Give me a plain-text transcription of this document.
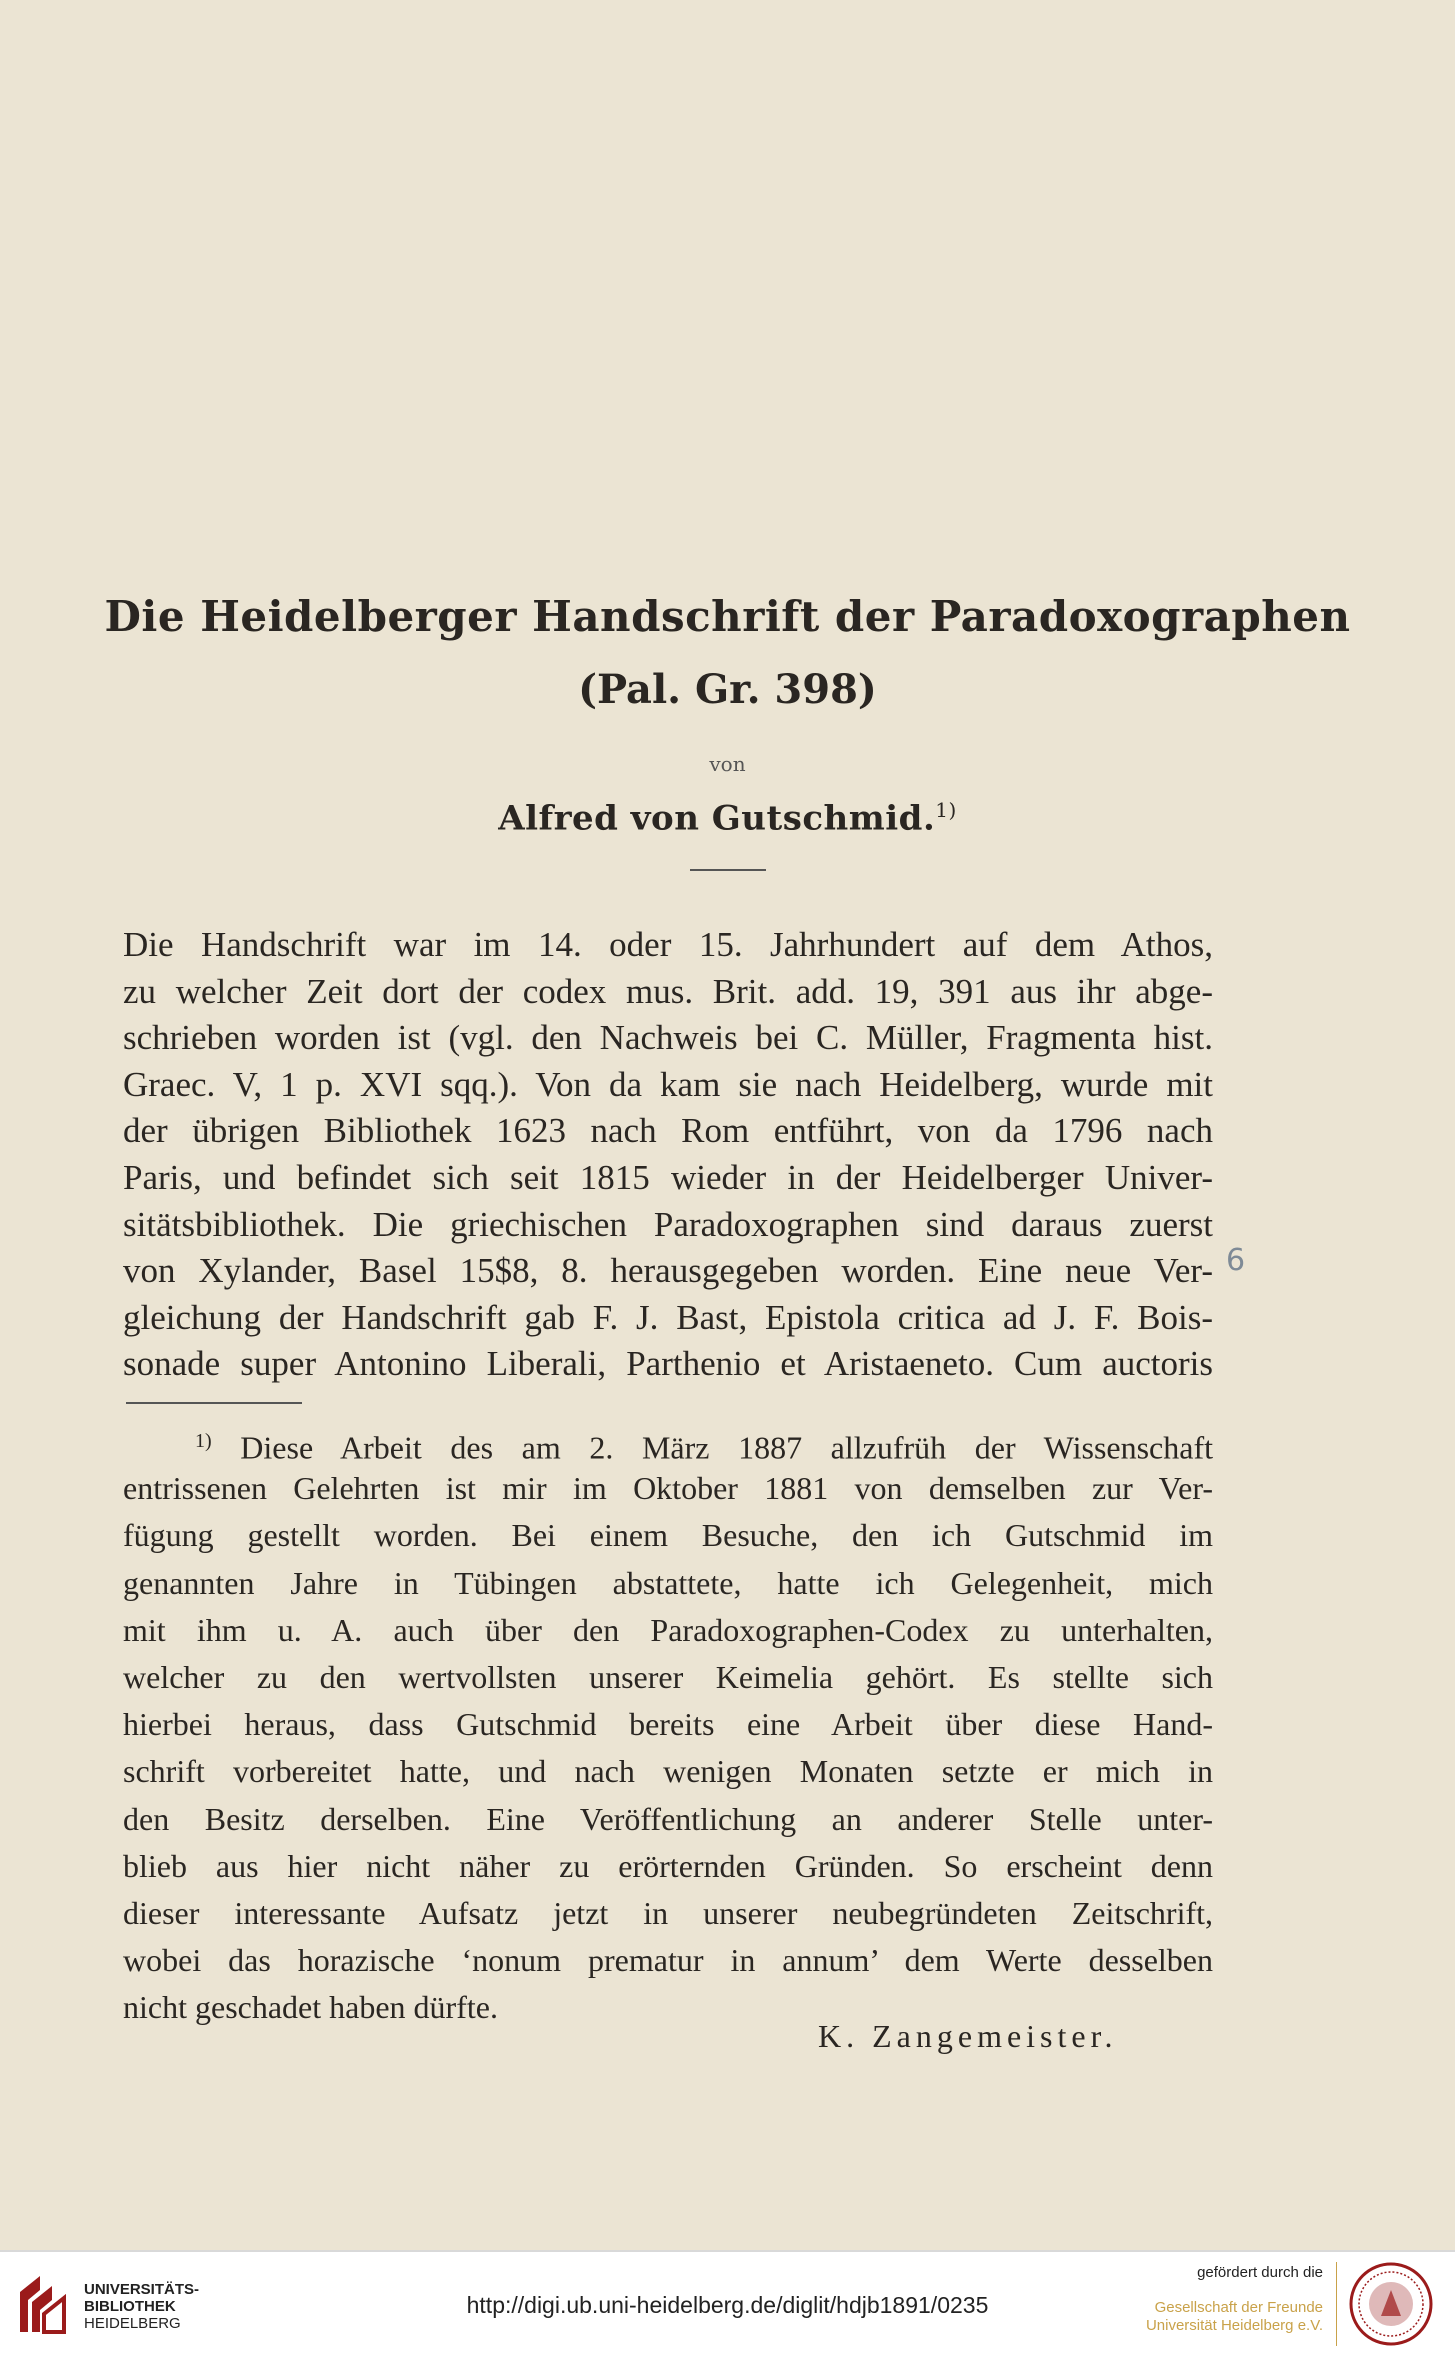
Die Heidelberger Handschrift der Paradoxographen
(Pal. Gr. 398)
von
Alfred von Gutschmid.$^{1)}$
Die Handschrift war im 14. oder 15. Jahrhundert auf dem Athos,
zu welcher Zeit dort der codex mus. Brit. add. 19, 391 aus ihr abge-
schrieben worden ist (vgl. den Nachweis bei C. Müller, Fragmenta hist.
Graec. V, 1 p. XVI sqq.). Von da kam sie nach Heidelberg, wurde mit
der übrigen Bibliothek 1623 nach Rom entführt, von da 1796 nach
Paris, und befindet sich seit 1815 wieder in der Heidelberger Univer-
sitätsbibliothek. Die griechischen Paradoxographen sind daraus zuerst
von Xylander, Basel 15$8, 8. herausgegeben worden. Eine neue Ver-
gleichung der Handschrift gab F. J. Bast, Epistola critica ad J. F. Bois-
sonade super Antonino Liberali, Parthenio et Aristaeneto. Cum auctoris
6
$^{1)}$ Diese Arbeit des am 2. März 1887 allzufrüh der Wissenschaft
entrissenen Gelehrten ist mir im Oktober 1881 von demselben zur Ver-
fügung gestellt worden. Bei einem Besuche, den ich Gutschmid im
genannten Jahre in Tübingen abstattete, hatte ich Gelegenheit, mich
mit ihm u. A. auch über den Paradoxographen-Codex zu unterhalten,
welcher zu den wertvollsten unserer Keimelia gehört. Es stellte sich
hierbei heraus, dass Gutschmid bereits eine Arbeit über diese Hand-
schrift vorbereitet hatte, und nach wenigen Monaten setzte er mich in
den Besitz derselben. Eine Veröffentlichung an anderer Stelle unter-
blieb aus hier nicht näher zu erörternden Gründen. So erscheint denn
dieser interessante Aufsatz jetzt in unserer neubegründeten Zeitschrift,
wobei das horazische ‘nonum prematur in annum’ dem Werte desselben
nicht geschadet haben dürfte.
K. Zangemeister.
UNIVERSITÄTS-
BIBLIOTHEK
HEIDELBERG
http://digi.ub.uni-heidelberg.de/diglit/hdjb1891/0235
gefördert durch die
Gesellschaft der Freunde
Universität Heidelberg e.V.
